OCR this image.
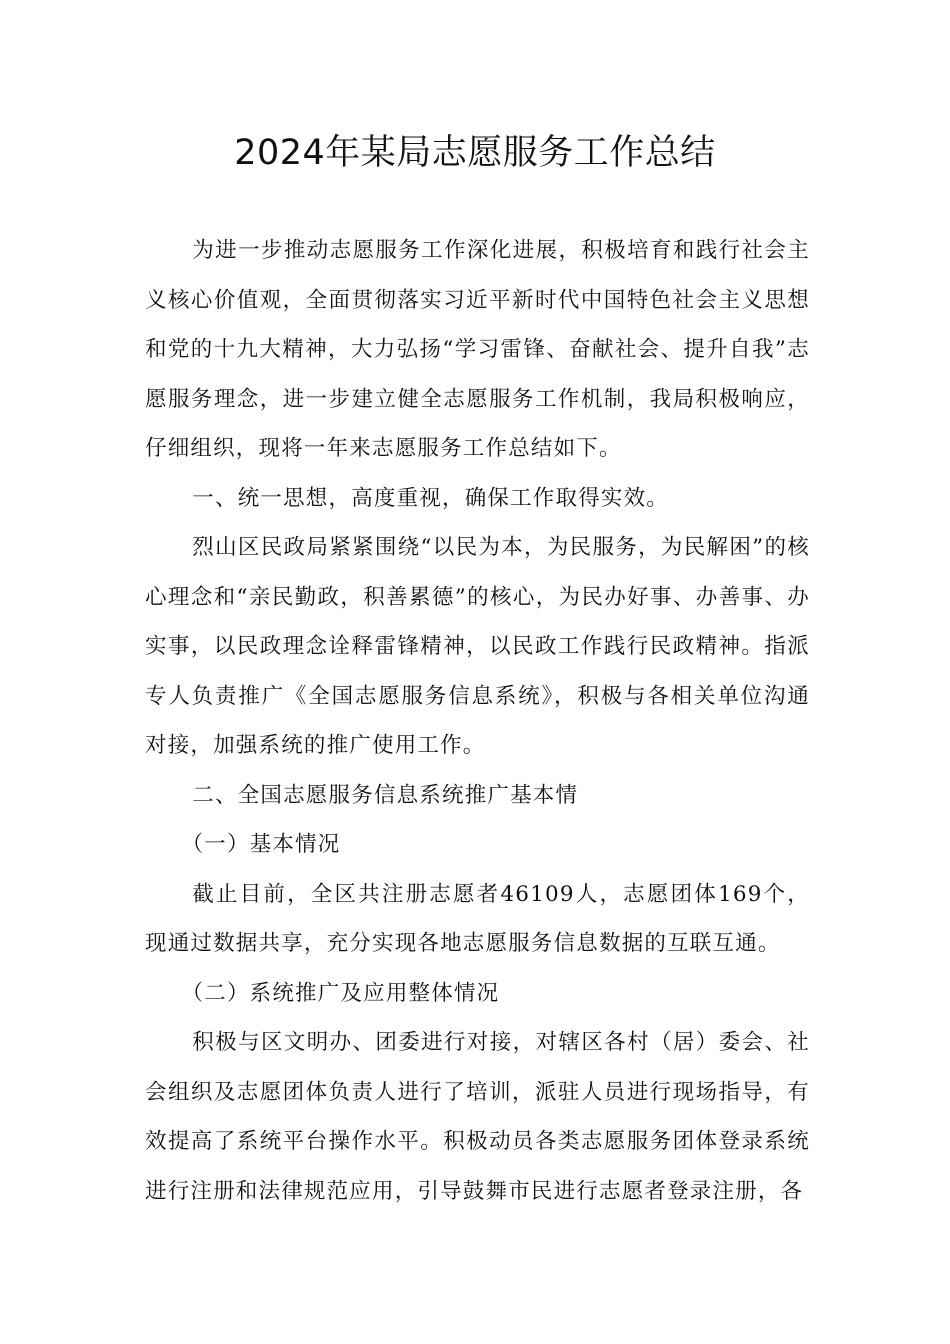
2024年某局志愿服务工作总结

为进一步推动志愿服务工作深化进展，积极培育和践行社会主义核心价值观，全面贯彻落实习近平新时代中国特色社会主义思想和党的十九大精神，大力弘扬“学习雷锋、奋献社会、提升自我”志愿服务理念，进一步建立健全志愿服务工作机制，我局积极响应，仔细组织，现将一年来志愿服务工作总结如下。

一、统一思想，高度重视，确保工作取得实效。

烈山区民政局紧紧围绕“以民为本，为民服务，为民解困”的核心理念和“亲民勤政，积善累德”的核心，为民办好事、办善事、办实事，以民政理念诠释雷锋精神，以民政工作践行民政精神。指派专人负责推广《全国志愿服务信息系统》，积极与各相关单位沟通对接，加强系统的推广使用工作。

二、全国志愿服务信息系统推广基本情

（一）基本情况

截止目前，全区共注册志愿者46109人，志愿团体169个，现通过数据共享，充分实现各地志愿服务信息数据的互联互通。

（二）系统推广及应用整体情况

积极与区文明办、团委进行对接，对辖区各村（居）委会、社会组织及志愿团体负责人进行了培训，派驻人员进行现场指导，有效提高了系统平台操作水平。积极动员各类志愿服务团体登录系统进行注册和法律规范应用，引导鼓舞市民进行志愿者登录注册，各
